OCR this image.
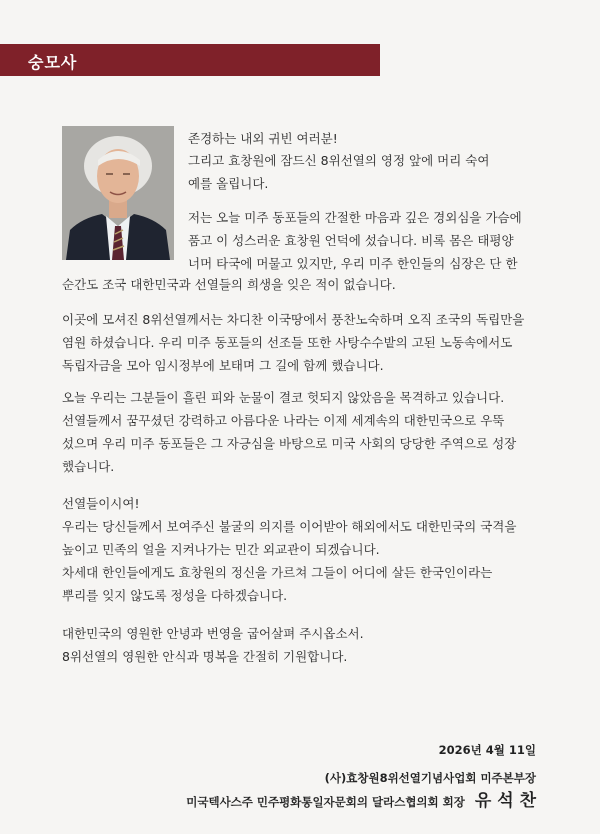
숭모사
존경하는 내외 귀빈 여러분!
그리고 효창원에 잠드신 8위선열의 영정 앞에 머리 숙여
예를 올립니다.
저는 오늘 미주 동포들의 간절한 마음과 깊은 경외심을 가슴에
품고 이 성스러운 효창원 언덕에 섰습니다. 비록 몸은 태평양
너머 타국에 머물고 있지만, 우리 미주 한인들의 심장은 단 한
순간도 조국 대한민국과 선열들의 희생을 잊은 적이 없습니다.
이곳에 모셔진 8위선열께서는 차디찬 이국땅에서 풍찬노숙하며 오직 조국의 독립만을
염원 하셨습니다. 우리 미주 동포들의 선조들 또한 사탕수수밭의 고된 노동속에서도
독립자금을 모아 임시정부에 보태며 그 길에 함께 했습니다.
오늘 우리는 그분들이 흘린 피와 눈물이 결코 헛되지 않았음을 목격하고 있습니다.
선열들께서 꿈꾸셨던 강력하고 아름다운 나라는 이제 세계속의 대한민국으로 우뚝
섰으며 우리 미주 동포들은 그 자긍심을 바탕으로 미국 사회의 당당한 주역으로 성장
했습니다.
선열들이시여!
우리는 당신들께서 보여주신 불굴의 의지를 이어받아 해외에서도 대한민국의 국격을
높이고 민족의 얼을 지켜나가는 민간 외교관이 되겠습니다.
차세대 한인들에게도 효창원의 정신을 가르쳐 그들이 어디에 살든 한국인이라는
뿌리를 잊지 않도록 정성을 다하겠습니다.
대한민국의 영원한 안녕과 번영을 굽어살펴 주시옵소서.
8위선열의 영원한 안식과 명복을 간절히 기원합니다.
2026년 4월 11일
(사)효창원8위선열기념사업회 미주본부장
미국텍사스주 민주평화통일자문회의 달라스협의회 회장 유 석 찬
